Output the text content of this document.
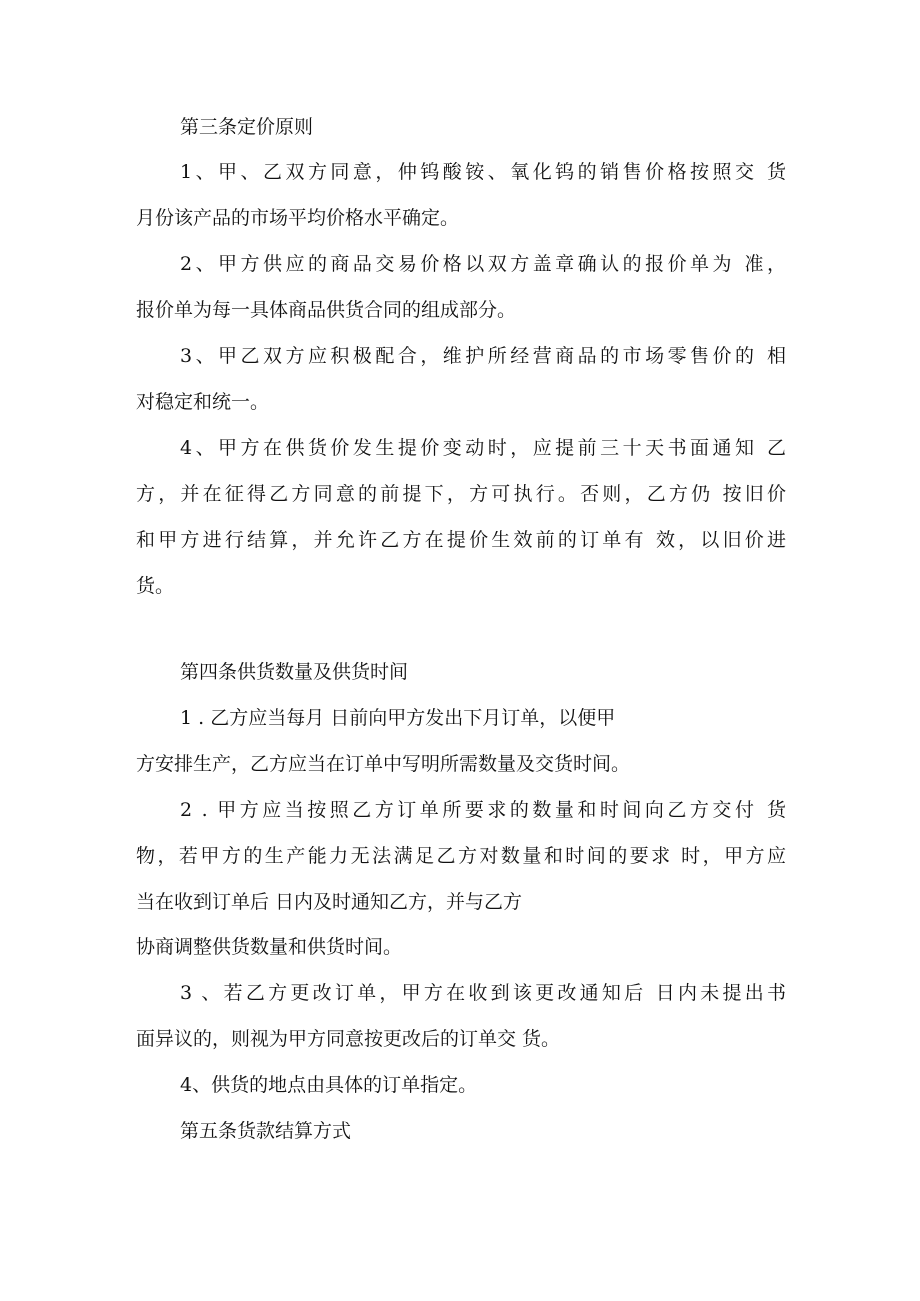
第三条定价原则
1、甲、乙双方同意，仲钨酸铵、氧化钨的销售价格按照交 货
月份该产品的市场平均价格水平确定。
2、甲方供应的商品交易价格以双方盖章确认的报价单为 准，
报价单为每一具体商品供货合同的组成部分。
3、甲乙双方应积极配合，维护所经营商品的市场零售价的 相
对稳定和统一。
4、甲方在供货价发生提价变动时，应提前三十天书面通知 乙
方，并在征得乙方同意的前提下，方可执行。否则，乙方仍 按旧价
和甲方进行结算，并允许乙方在提价生效前的订单有 效，以旧价进
货。
第四条供货数量及供货时间
1 . 乙方应当每月 日前向甲方发出下月订单，以便甲
方安排生产，乙方应当在订单中写明所需数量及交货时间。
2 . 甲方应当按照乙方订单所要求的数量和时间向乙方交付 货
物，若甲方的生产能力无法满足乙方对数量和时间的要求 时，甲方应
当在收到订单后 日内及时通知乙方，并与乙方
协商调整供货数量和供货时间。
3 、若乙方更改订单，甲方在收到该更改通知后 日内未提出书
面异议的，则视为甲方同意按更改后的订单交 货。
4、供货的地点由具体的订单指定。
第五条货款结算方式
